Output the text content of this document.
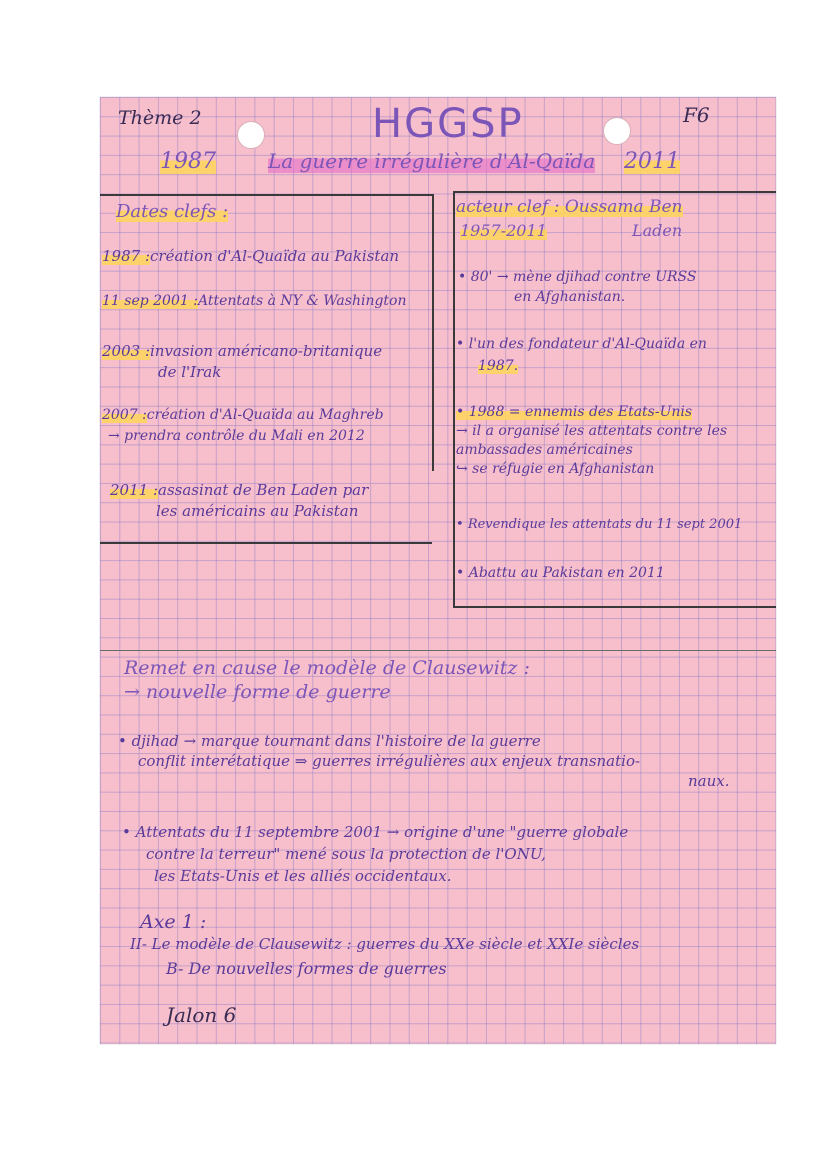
Thème 2	HGGSP	F6
1987	La guerre irrégulière d'Al-Qaïda 2011
Dates clefs :
1987 :création d'Al-Quaïda au Pakistan
11 sep 2001 :Attentats à NY & Washington
2003 :invasion américano-britanique
de l'Irak
2007 :création d'Al-Quaïda au Maghreb
→ prendra contrôle du Mali en 2012
2011 :assasinat de Ben Laden par
les américains au Pakistan
acteur clef : Oussama Ben
1957-2011	Laden
• 80' → mène djihad contre URSS
en Afghanistan.
• l'un des fondateur d'Al-Quaïda en
1987.
• 1988 = ennemis des Etats-Unis
→ il a organisé les attentats contre les
ambassades américaines
↪ se réfugie en Afghanistan
• Revendique les attentats du 11 sept 2001
• Abattu au Pakistan en 2011
Remet en cause le modèle de Clausewitz :
→ nouvelle forme de guerre
• djihad → marque tournant dans l'histoire de la guerre
conflit interétatique ⇒ guerres irrégulières aux enjeux transnatio-
naux.
• Attentats du 11 septembre 2001 → origine d'une "guerre globale
contre la terreur" mené sous la protection de l'ONU,
les Etats-Unis et les alliés occidentaux.
Axe 1 :
II- Le modèle de Clausewitz : guerres du XXe siècle et XXIe siècles
B- De nouvelles formes de guerres
Jalon 6
